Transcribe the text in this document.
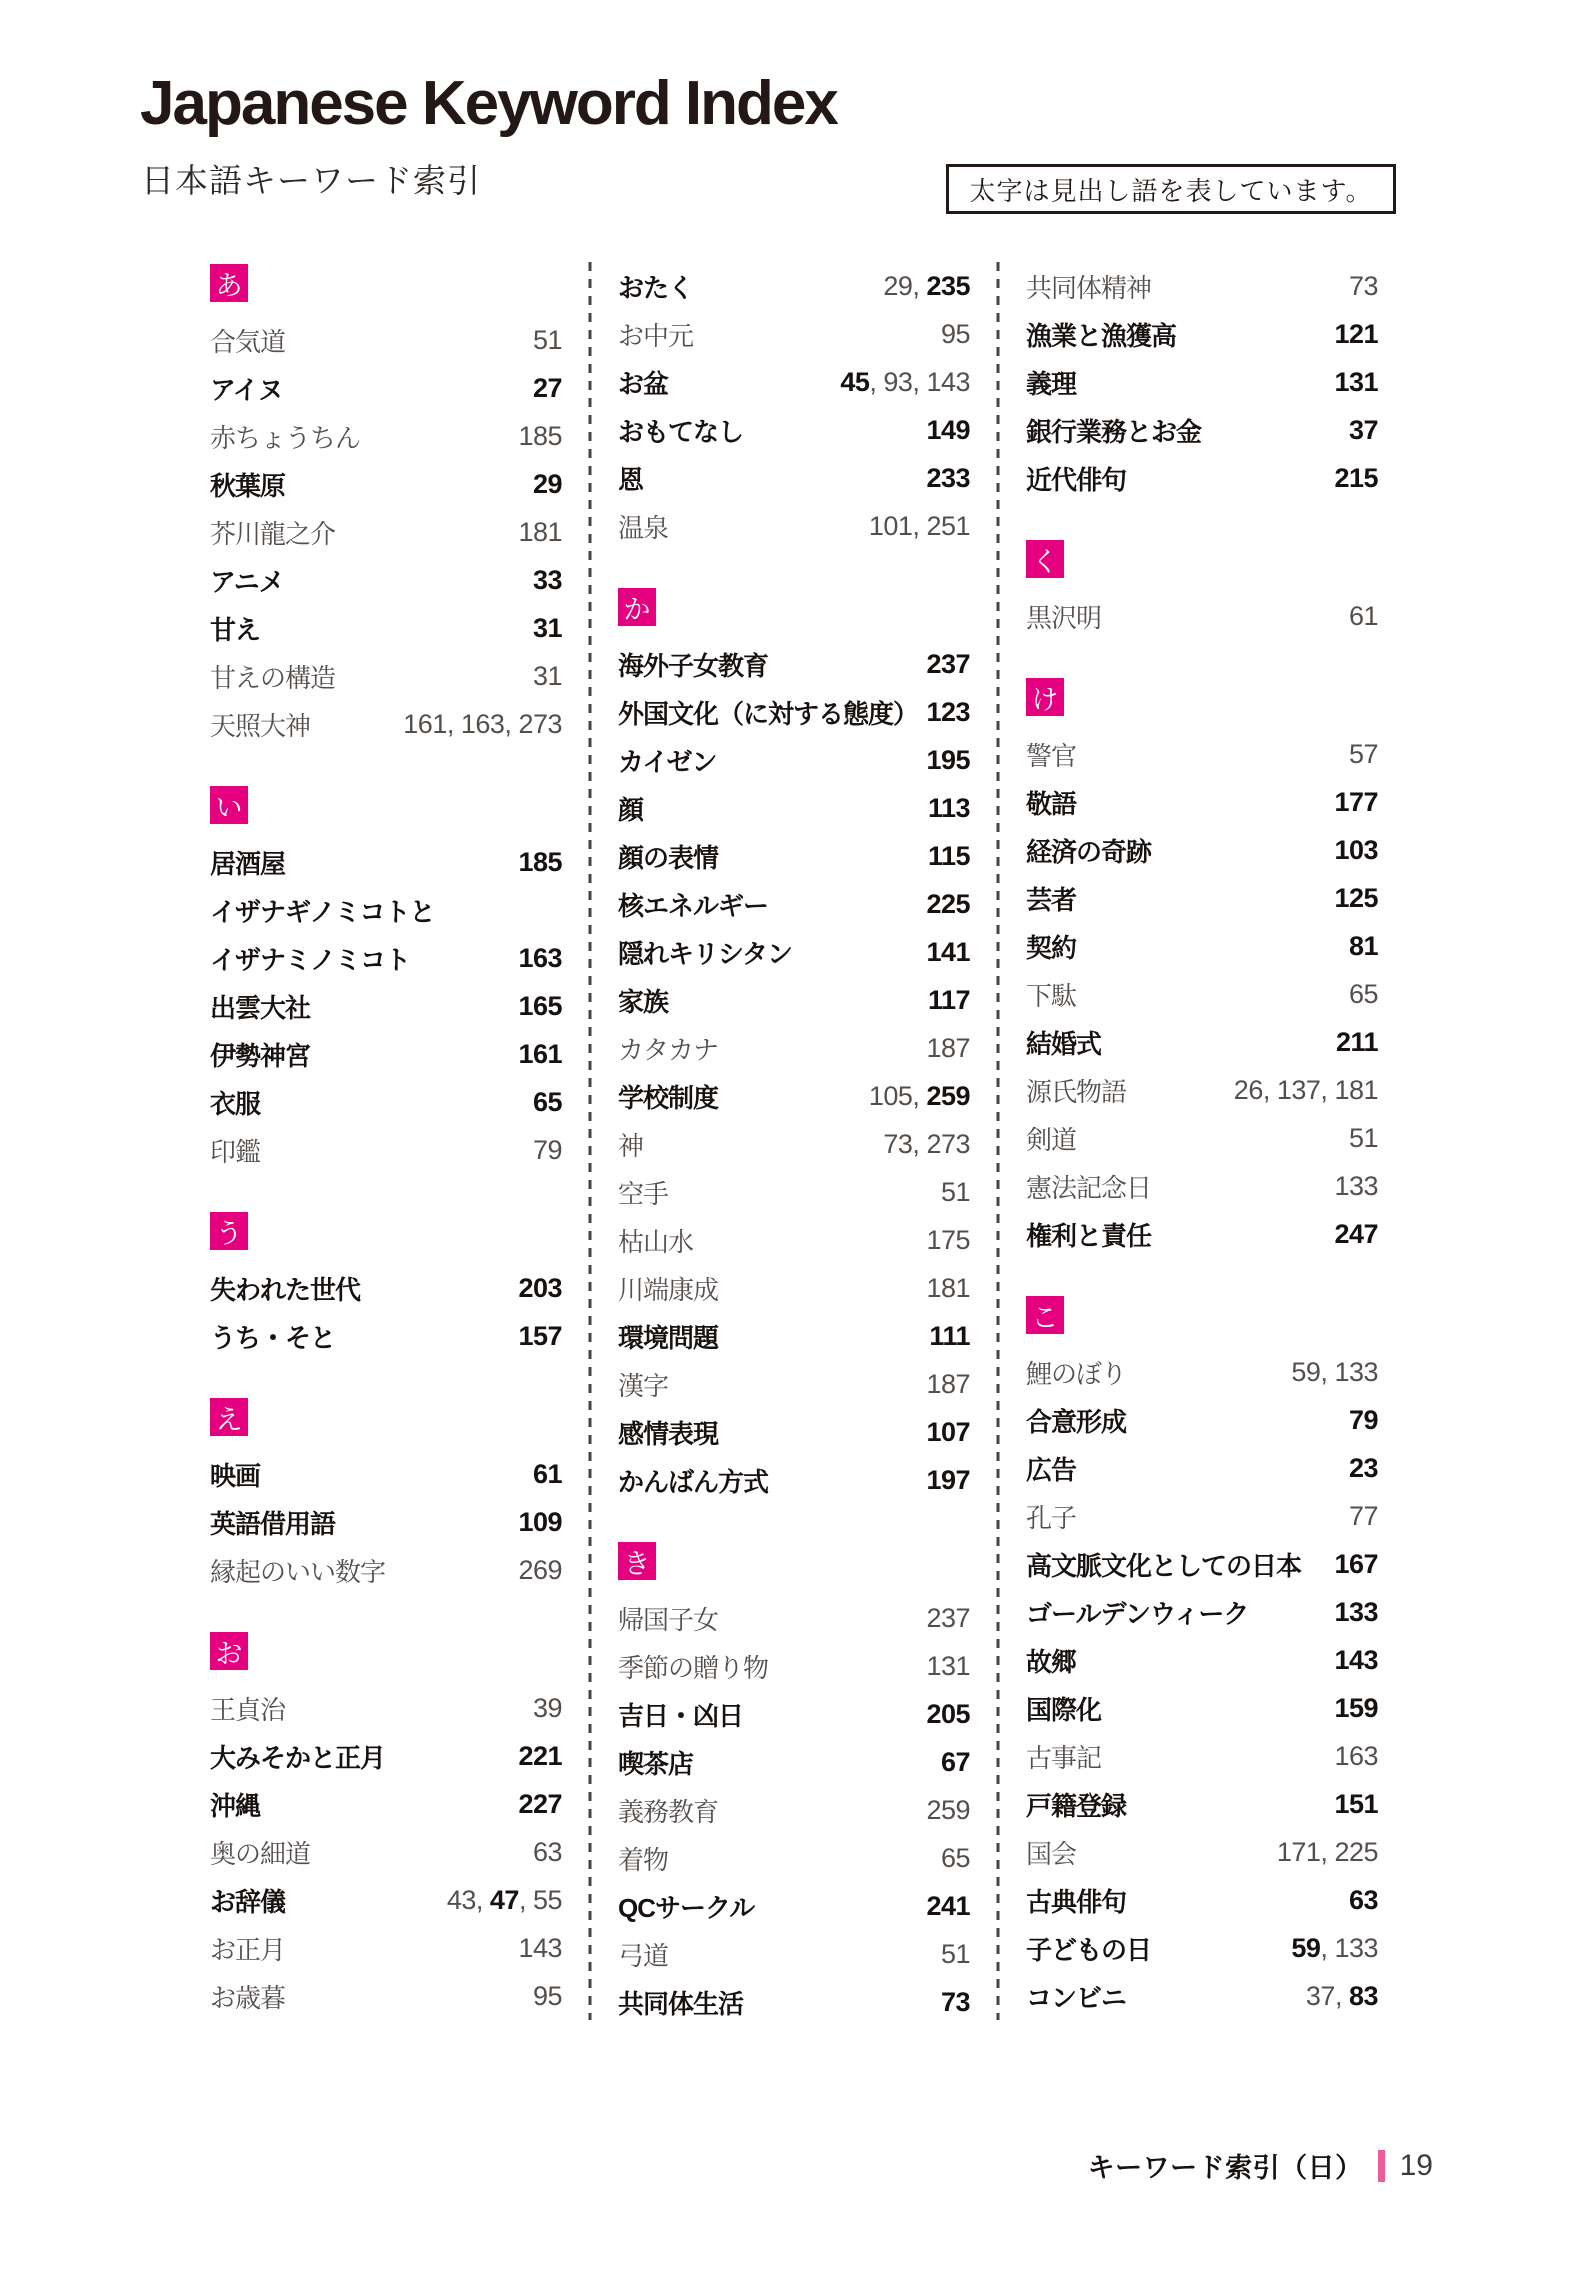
Japanese Keyword Index
日本語キーワード索引	太字は見出し語を表しています。
あ
合気道	51
アイヌ	27
赤ちょうちん	185
秋葉原	29
芥川龍之介	181
アニメ	33
甘え	31
甘えの構造	31
天照大神	161, 163, 273
い
居酒屋	185
イザナギノミコトと
イザナミノミコト	163
出雲大社	165
伊勢神宮	161
衣服	65
印鑑	79
う
失われた世代	203
うち・そと	157
え
映画	61
英語借用語	109
縁起のいい数字	269
お
王貞治	39
大みそかと正月	221
沖縄	227
奥の細道	63
お辞儀	43, 47, 55
お正月	143
お歳暮	95
おたく	29, 235
お中元	95
お盆	45, 93, 143
おもてなし	149
恩	233
温泉	101, 251
か
海外子女教育	237
外国文化（に対する態度） 123
カイゼン	195
顔	113
顔の表情	115
核エネルギー	225
隠れキリシタン	141
家族	117
カタカナ	187
学校制度	105, 259
神	73, 273
空手	51
枯山水	175
川端康成	181
環境問題	111
漢字	187
感情表現	107
かんばん方式	197
き
帰国子女	237
季節の贈り物	131
吉日・凶日	205
喫茶店	67
義務教育	259
着物	65
QCサークル	241
弓道	51
共同体生活	73
共同体精神	73
漁業と漁獲高	121
義理	131
銀行業務とお金	37
近代俳句	215
く
黒沢明	61
け
警官	57
敬語	177
経済の奇跡	103
芸者	125
契約	81
下駄	65
結婚式	211
源氏物語	26, 137, 181
剣道	51
憲法記念日	133
権利と責任	247
こ
鯉のぼり	59, 133
合意形成	79
広告	23
孔子	77
高文脈文化としての日本 167
ゴールデンウィーク	133
故郷	143
国際化	159
古事記	163
戸籍登録	151
国会	171, 225
古典俳句	63
子どもの日	59, 133
コンビニ	37, 83
キーワード索引（日） 19
